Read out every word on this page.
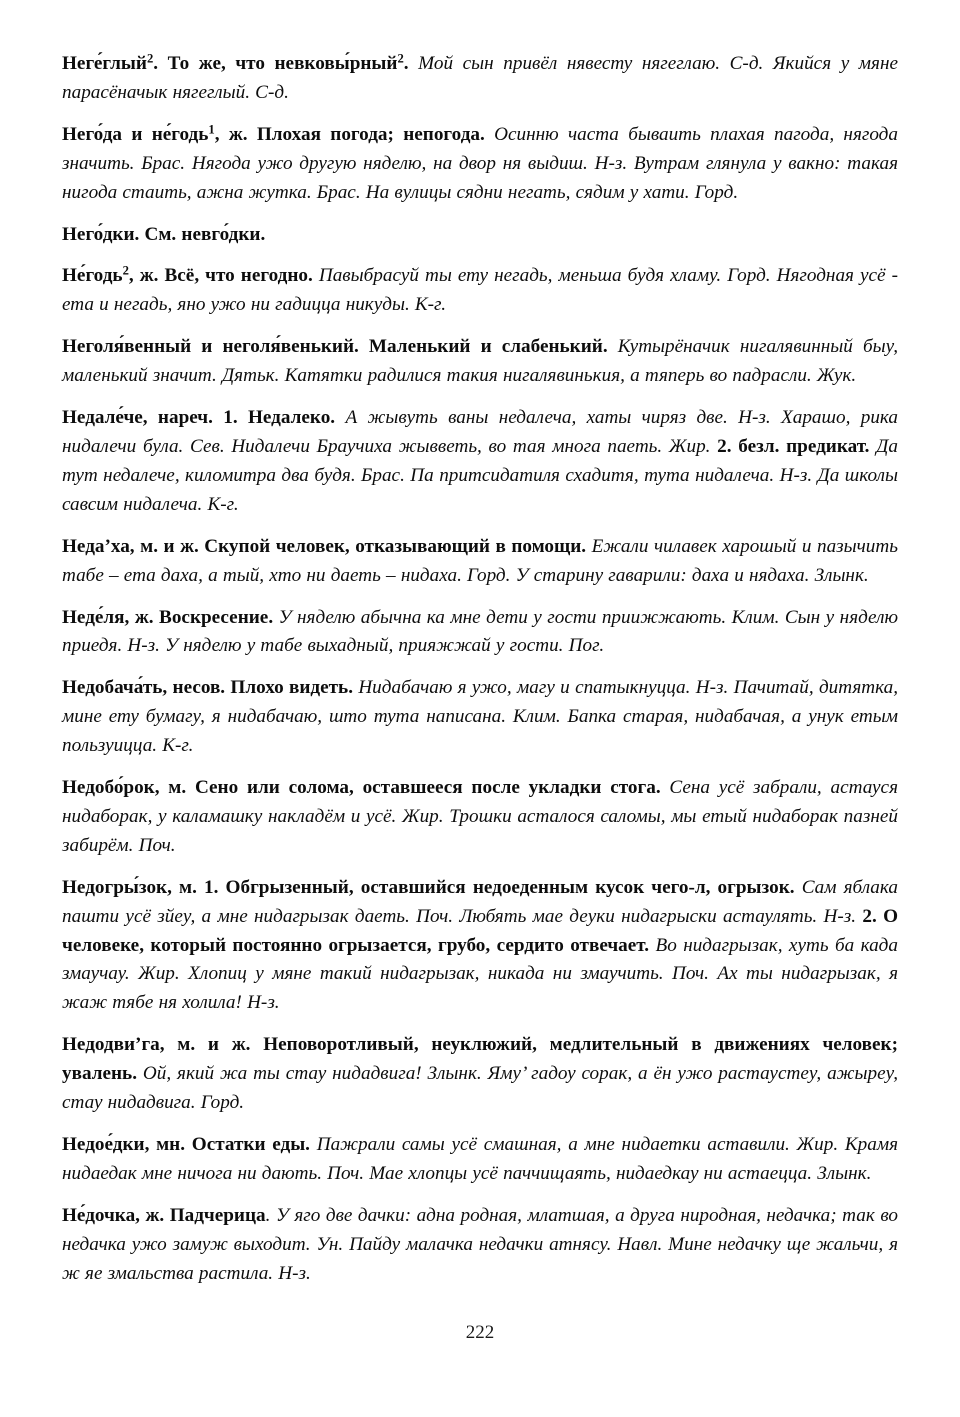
Неге́глый$^2$. То же, что невковы́рный$^2$. Мой сын привёл нявесту нягеглаю. С-д. Якийся у мяне парасёначык нягеглый. С-д.

Него́да и не́годь$^1$, ж. Плохая погода; непогода. Осинню часта бываить плахая пагода, нягода значить. Брас. Нягода ужо другую няделю, на двор ня выдиш. Н-з. Вутрам глянула у вакно: такая нигода стаить, ажна жутка. Брас. На вулицы сядни негать, сядим у хати. Горд.

Него́дки. См. невго́дки.

Не́годь$^2$, ж. Всё, что негодно. Павыбрасуй ты ету негадь, меньша будя хламу. Горд. Нягодная усё - ета и негадь, яно ужо ни гадицца никуды. К-г.

Неголя́венный и неголя́венький. Маленький и слабенький. Кутырёначик нигалявинный быу, маленький значит. Дятьк. Катятки радилися такия нигалявинькия, а тяперь во падрасли. Жук.

Недале́че, нареч. 1. Недалеко. А жывуть ваны недалеча, хаты чиряз две. Н-з. Харашо, рика нидалечи була. Сев. Нидалечи Браучиха жывветь, во тая многа паеть. Жир. 2. безл. предикат. Да тут недалече, киломитра два будя. Брас. Па притсидатиля схадитя, тута нидалеча. Н-з. Да школы савсим нидалеча. К-г.

Неда’ха, м. и ж. Скупой человек, отказывающий в помощи. Ежали чилавек харошый и пазычить табе – ета даха, а тый, хто ни даеть – нидаха. Горд. У старину гаварили: даха и нядаха. Злынк.

Неде́ля, ж. Воскресение. У няделю абычна ка мне дети у гости приижжають. Клим. Сын у няделю приедя. Н-з. У няделю у табе выхадный, прияжжай у гости. Пог.

Недобача́ть, несов. Плохо видеть. Нидабачаю я ужо, магу и спатыкнуцца. Н-з. Пачитай, дитятка, мине ету бумагу, я нидабачаю, што тута написана. Клим. Бапка старая, нидабачая, а унук етым пользуицца. К-г.

Недобо́рок, м. Сено или солома, оставшееся после укладки стога. Сена усё забрали, астауся нидаборак, у каламашку накладём и усё. Жир. Трошки асталося саломы, мы етый нидаборак пазней забирём. Поч.

Недогры́зок, м. 1. Обгрызенный, оставшийся недоеденным кусок чего-л, огрызок. Сам яблака пашти усё зйеу, а мне нидагрызак даеть. Поч. Любять мае деуки нидагрыски астаулять. Н-з. 2. О человеке, который постоянно огрызается, грубо, сердито отвечает. Во нидагрызак, хуть ба када змаучау. Жир. Хлопиц у мяне такий нидагрызак, никада ни змаучить. Поч. Ах ты нидагрызак, я жаж тябе ня холила! Н-з.

Недодви’га, м. и ж. Неповоротливый, неуклюжий, медлительный в движениях человек; увалень. Ой, який жа ты стау нидадвига! Злынк. Яму’ гадоу сорак, а ён ужо растаустеу, ажыреу, стау нидадвига. Горд.

Недое́дки, мн. Остатки еды. Пажрали самы усё смашная, а мне нидаетки аставили. Жир. Крамя нидаедак мне ничога ни дають. Поч. Мае хлопцы усё паччищаять, нидаедкау ни астаецца. Злынк.

Не́дочка, ж. Падчерица. У яго две дачки: адна родная, млатшая, а друга ниродная, недачка; так во недачка ужо замуж выходит. Ун. Пайду малачка недачки атнясу. Навл. Мине недачку ще жальчи, я ж яе змальства растила. Н-з.

222
